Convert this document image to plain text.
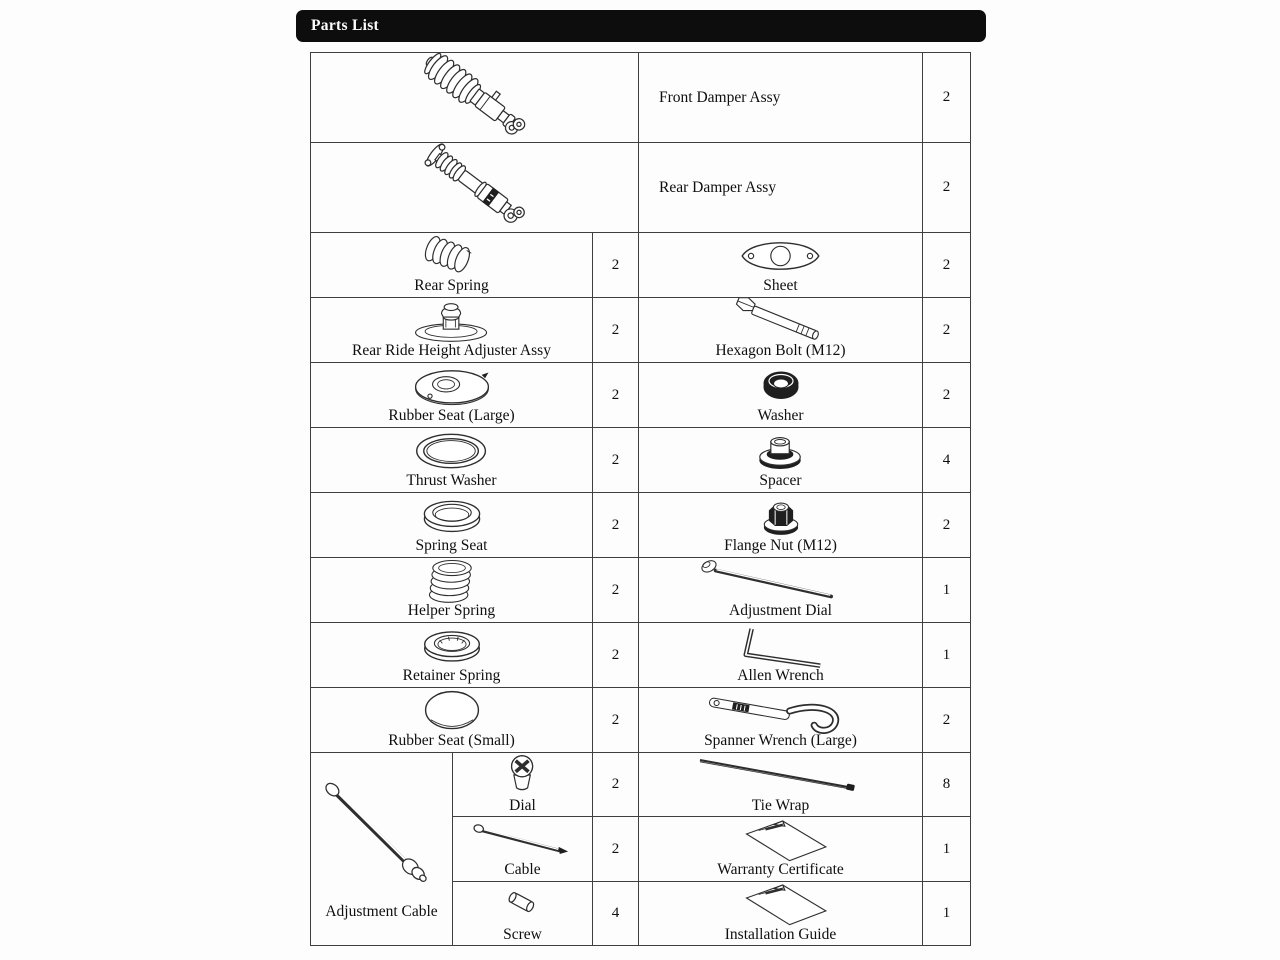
Parts List
	Front Damper Assy	2
	Rear Damper Assy	2

Rear Spring		2	Sheet	2

Rear Ride Height Adjuster Assy		2	Hexagon Bolt (M12)	2

Rubber Seat (Large)		2	Washer	2

Thrust Washer		2	Spacer	4

Spring Seat		2	Flange Nut (M12)	2

Helper Spring		2	Adjustment Dial	1

Retainer Spring		2	Allen Wrench	1

Rubber Seat (Small)		2	Spanner Wrench (Large)	2

Adjustment Cable	Dial	2	Tie Wrap	8

	Cable	2	Warranty Certificate	1

	Screw	4	Installation Guide	1
